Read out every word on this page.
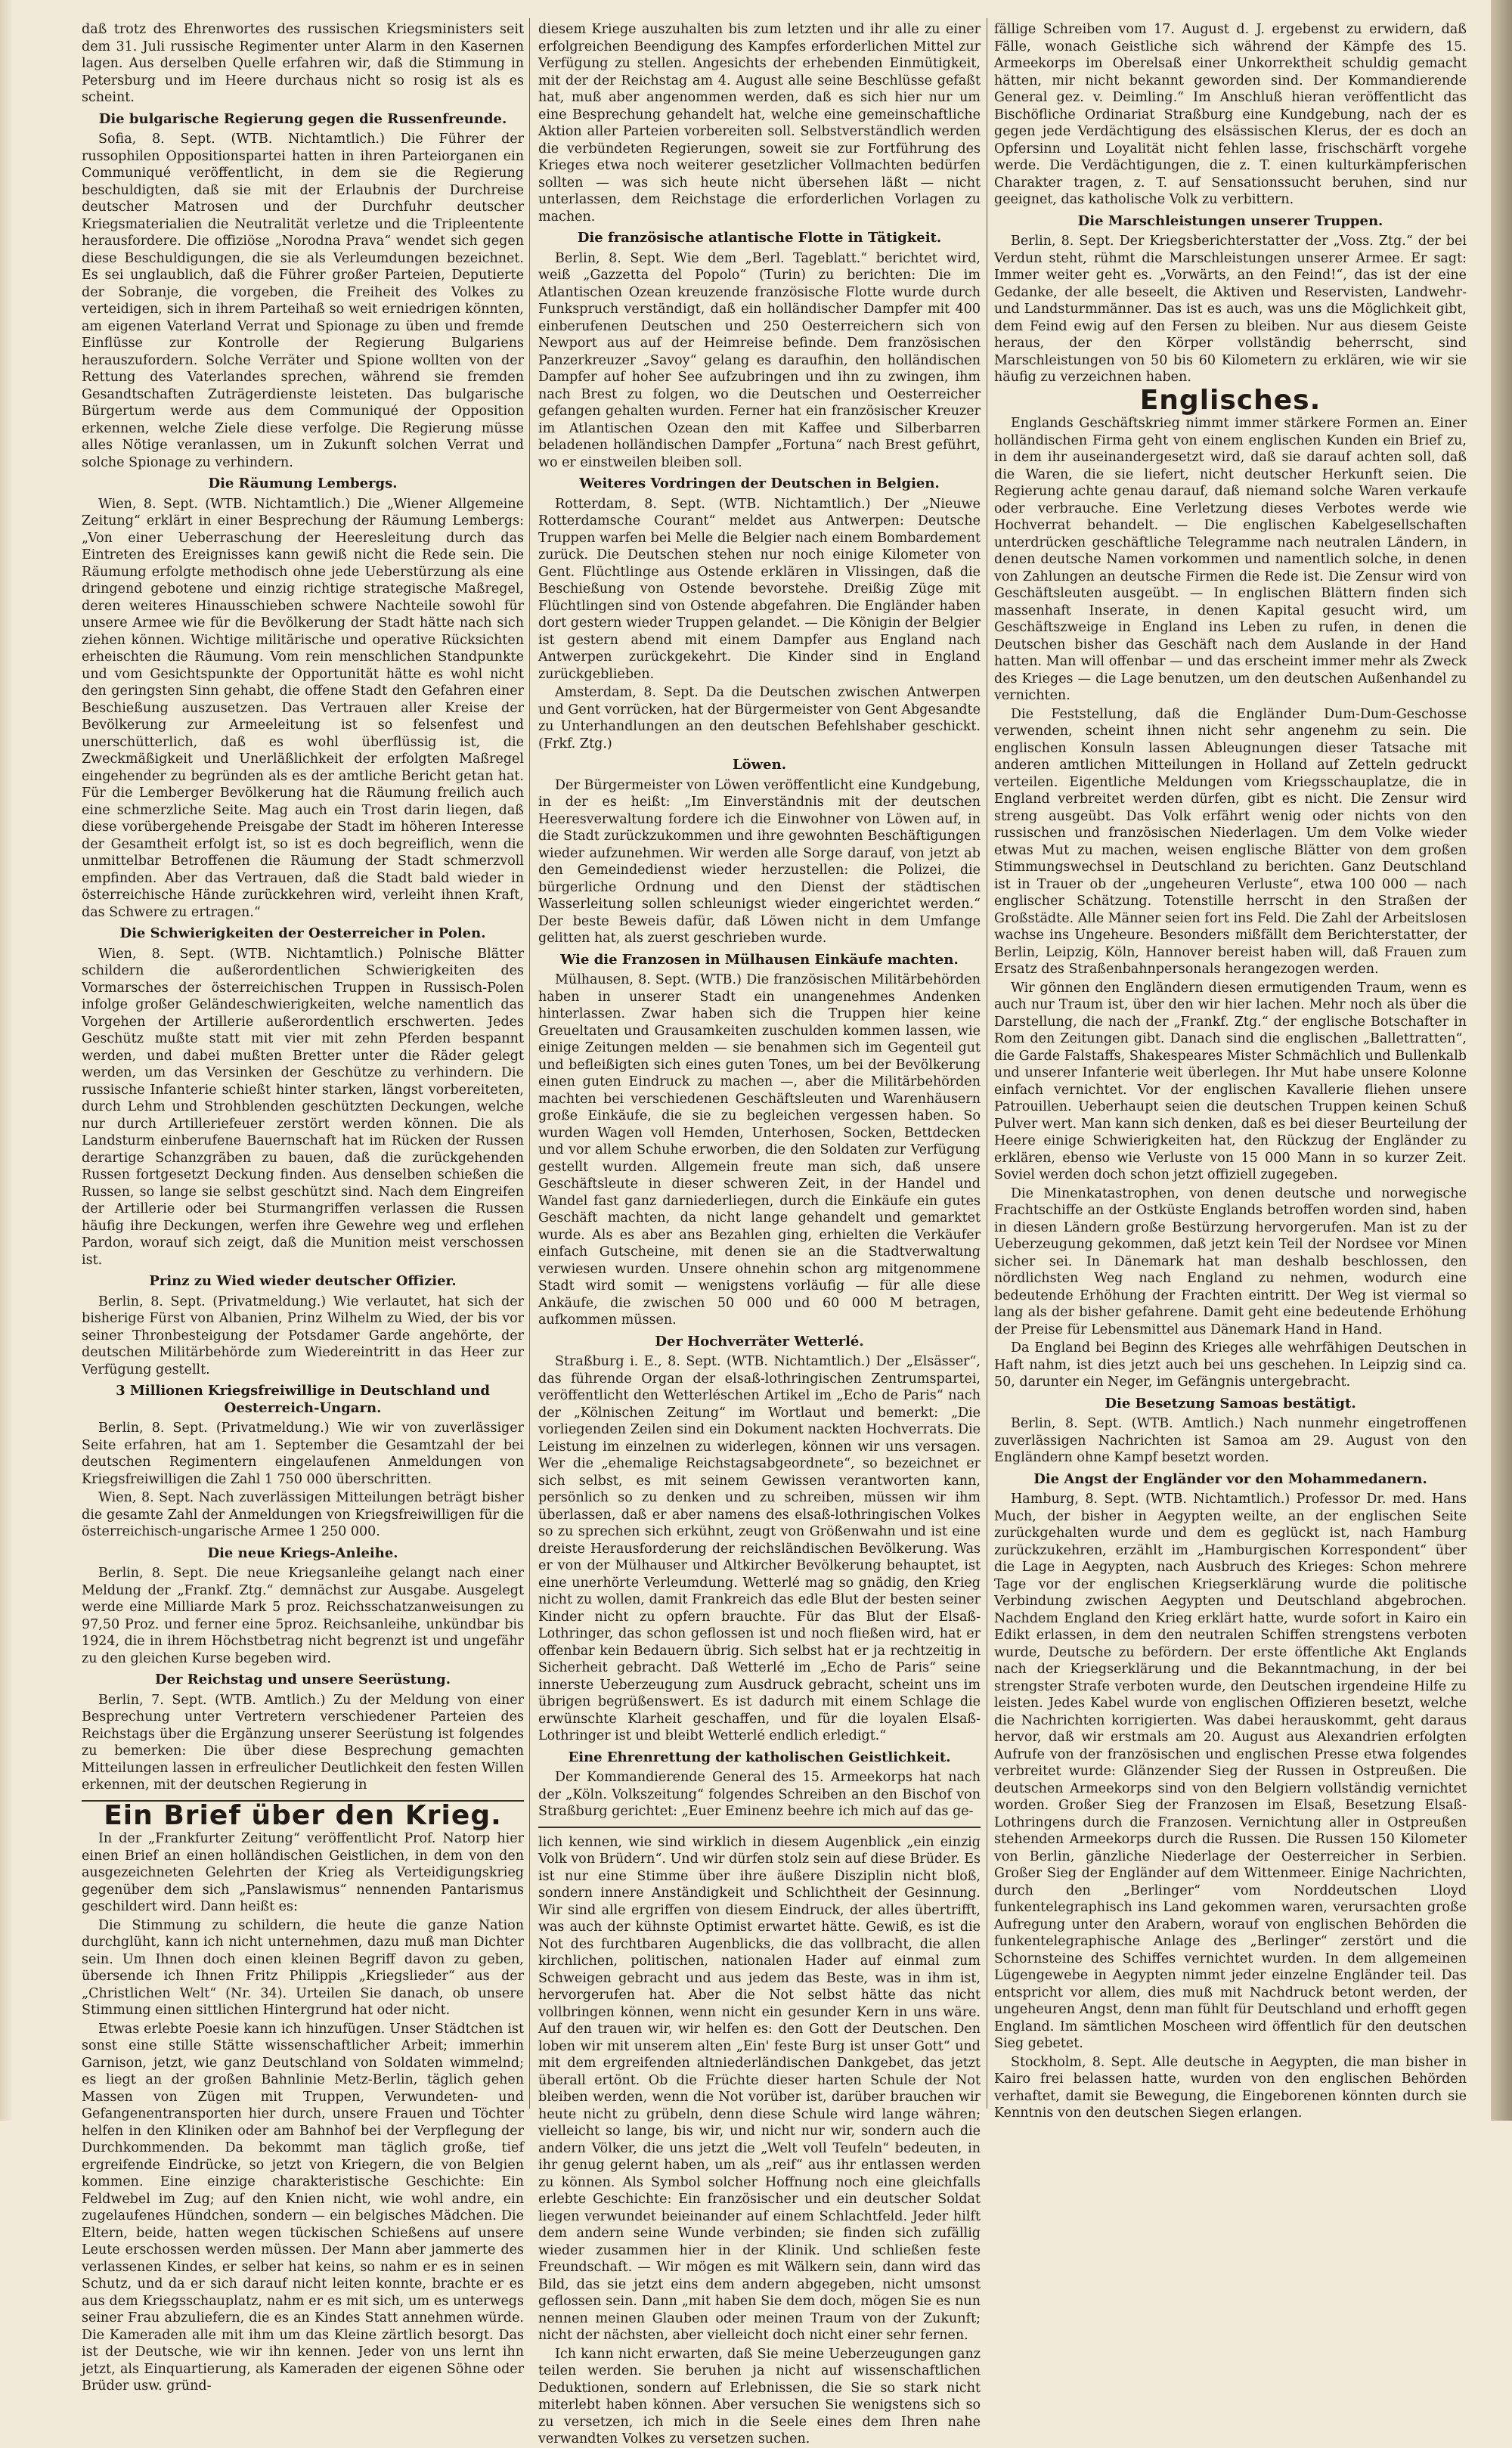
daß trotz des Ehrenwortes des russischen Kriegsministers seit dem 31. Juli russische Regimenter unter Alarm in den Kasernen lagen. Aus derselben Quelle erfahren wir, daß die Stimmung in Petersburg und im Heere durchaus nicht so rosig ist als es scheint.

Die bulgarische Regierung gegen die Russenfreunde.

Sofia, 8. Sept. (WTB. Nichtamtlich.) Die Führer der russophilen Oppositionspartei hatten in ihren Parteiorganen ein Communiqué veröffentlicht, in dem sie die Regierung beschuldigten, daß sie mit der Erlaubnis der Durchreise deutscher Matrosen und der Durchfuhr deutscher Kriegsmaterialien die Neutralität verletze und die Tripleentente herausfordere. Die offiziöse „Norodna Prava“ wendet sich gegen diese Beschuldigungen, die sie als Verleumdungen bezeichnet. Es sei unglaublich, daß die Führer großer Parteien, Deputierte der Sobranje, die vorgeben, die Freiheit des Volkes zu verteidigen, sich in ihrem Parteihaß so weit erniedrigen könnten, am eigenen Vaterland Verrat und Spionage zu üben und fremde Einflüsse zur Kontrolle der Regierung Bulgariens herauszufordern. Solche Verräter und Spione wollten von der Rettung des Vaterlandes sprechen, während sie fremden Gesandtschaften Zuträgerdienste leisteten. Das bulgarische Bürgertum werde aus dem Communiqué der Opposition erkennen, welche Ziele diese verfolge. Die Regierung müsse alles Nötige veranlassen, um in Zukunft solchen Verrat und solche Spionage zu verhindern.

Die Räumung Lembergs.

Wien, 8. Sept. (WTB. Nichtamtlich.) Die „Wiener Allgemeine Zeitung“ erklärt in einer Besprechung der Räumung Lembergs: „Von einer Ueberraschung der Heeresleitung durch das Eintreten des Ereignisses kann gewiß nicht die Rede sein. Die Räumung erfolgte methodisch ohne jede Ueberstürzung als eine dringend gebotene und einzig richtige strategische Maßregel, deren weiteres Hinausschieben schwere Nachteile sowohl für unsere Armee wie für die Bevölkerung der Stadt hätte nach sich ziehen können. Wichtige militärische und operative Rücksichten erheischten die Räumung. Vom rein menschlichen Standpunkte und vom Gesichtspunkte der Opportunität hätte es wohl nicht den geringsten Sinn gehabt, die offene Stadt den Gefahren einer Beschießung auszusetzen. Das Vertrauen aller Kreise der Bevölkerung zur Armeeleitung ist so felsenfest und unerschütterlich, daß es wohl überflüssig ist, die Zweckmäßigkeit und Unerläßlichkeit der erfolgten Maßregel eingehender zu begründen als es der amtliche Bericht getan hat. Für die Lemberger Bevölkerung hat die Räumung freilich auch eine schmerzliche Seite. Mag auch ein Trost darin liegen, daß diese vorübergehende Preisgabe der Stadt im höheren Interesse der Gesamtheit erfolgt ist, so ist es doch begreiflich, wenn die unmittelbar Betroffenen die Räumung der Stadt schmerzvoll empfinden. Aber das Vertrauen, daß die Stadt bald wieder in österreichische Hände zurückkehren wird, verleiht ihnen Kraft, das Schwere zu ertragen.“

Die Schwierigkeiten der Oesterreicher in Polen.

Wien, 8. Sept. (WTB. Nichtamtlich.) Polnische Blätter schildern die außerordentlichen Schwierigkeiten des Vormarsches der österreichischen Truppen in Russisch-Polen infolge großer Geländeschwierigkeiten, welche namentlich das Vorgehen der Artillerie außerordentlich erschwerten. Jedes Geschütz mußte statt mit vier mit zehn Pferden bespannt werden, und dabei mußten Bretter unter die Räder gelegt werden, um das Versinken der Geschütze zu verhindern. Die russische Infanterie schießt hinter starken, längst vorbereiteten, durch Lehm und Strohblenden geschützten Deckungen, welche nur durch Artilleriefeuer zerstört werden können. Die als Landsturm einberufene Bauernschaft hat im Rücken der Russen derartige Schanzgräben zu bauen, daß die zurückgehenden Russen fortgesetzt Deckung finden. Aus denselben schießen die Russen, so lange sie selbst geschützt sind. Nach dem Eingreifen der Artillerie oder bei Sturmangriffen verlassen die Russen häufig ihre Deckungen, werfen ihre Gewehre weg und erflehen Pardon, worauf sich zeigt, daß die Munition meist verschossen ist.

Prinz zu Wied wieder deutscher Offizier.

Berlin, 8. Sept. (Privatmeldung.) Wie verlautet, hat sich der bisherige Fürst von Albanien, Prinz Wilhelm zu Wied, der bis vor seiner Thronbesteigung der Potsdamer Garde angehörte, der deutschen Militärbehörde zum Wiedereintritt in das Heer zur Verfügung gestellt.

3 Millionen Kriegsfreiwillige in Deutschland und Oesterreich-Ungarn.

Berlin, 8. Sept. (Privatmeldung.) Wie wir von zuverlässiger Seite erfahren, hat am 1. September die Gesamtzahl der bei deutschen Regimentern eingelaufenen Anmeldungen von Kriegsfreiwilligen die Zahl 1 750 000 überschritten.

Wien, 8. Sept. Nach zuverlässigen Mitteilungen beträgt bisher die gesamte Zahl der Anmeldungen von Kriegsfreiwilligen für die österreichisch-ungarische Armee 1 250 000.

Die neue Kriegs-Anleihe.

Berlin, 8. Sept. Die neue Kriegsanleihe gelangt nach einer Meldung der „Frankf. Ztg.“ demnächst zur Ausgabe. Ausgelegt werde eine Milliarde Mark 5 proz. Reichsschatzanweisungen zu 97,50 Proz. und ferner eine 5proz. Reichsanleihe, unkündbar bis 1924, die in ihrem Höchstbetrag nicht begrenzt ist und ungefähr zu den gleichen Kurse begeben wird.

Der Reichstag und unsere Seerüstung.

Berlin, 7. Sept. (WTB. Amtlich.) Zu der Meldung von einer Besprechung unter Vertretern verschiedener Parteien des Reichstags über die Ergänzung unserer Seerüstung ist folgendes zu bemerken: Die über diese Besprechung gemachten Mitteilungen lassen in erfreulicher Deutlichkeit den festen Willen erkennen, mit der deutschen Regierung in

Ein Brief über den Krieg.

In der „Frankfurter Zeitung“ veröffentlicht Prof. Natorp hier einen Brief an einen holländischen Geistlichen, in dem von den ausgezeichneten Gelehrten der Krieg als Verteidigungskrieg gegenüber dem sich „Panslawismus“ nennenden Pantarismus geschildert wird. Dann heißt es:

Die Stimmung zu schildern, die heute die ganze Nation durchglüht, kann ich nicht unternehmen, dazu muß man Dichter sein. Um Ihnen doch einen kleinen Begriff davon zu geben, übersende ich Ihnen Fritz Philippis „Kriegslieder“ aus der „Christlichen Welt“ (Nr. 34). Urteilen Sie danach, ob unsere Stimmung einen sittlichen Hintergrund hat oder nicht.

Etwas erlebte Poesie kann ich hinzufügen. Unser Städtchen ist sonst eine stille Stätte wissenschaftlicher Arbeit; immerhin Garnison, jetzt, wie ganz Deutschland von Soldaten wimmelnd; es liegt an der großen Bahnlinie Metz-Berlin, täglich gehen Massen von Zügen mit Truppen, Verwundeten- und Gefangenentransporten hier durch, unsere Frauen und Töchter helfen in den Kliniken oder am Bahnhof bei der Verpflegung der Durchkommenden. Da bekommt man täglich große, tief ergreifende Eindrücke, so jetzt von Kriegern, die von Belgien kommen. Eine einzige charakteristische Geschichte: Ein Feldwebel im Zug; auf den Knien nicht, wie wohl andre, ein zugelaufenes Hündchen, sondern — ein belgisches Mädchen. Die Eltern, beide, hatten wegen tückischen Schießens auf unsere Leute erschossen werden müssen. Der Mann aber jammerte des verlassenen Kindes, er selber hat keins, so nahm er es in seinen Schutz, und da er sich darauf nicht leiten konnte, brachte er es aus dem Kriegsschauplatz, nahm er es mit sich, um es unterwegs seiner Frau abzuliefern, die es an Kindes Statt annehmen würde. Die Kameraden alle mit ihm um das Kleine zärtlich besorgt. Das ist der Deutsche, wie wir ihn kennen. Jeder von uns lernt ihn jetzt, als Einquartierung, als Kameraden der eigenen Söhne oder Brüder usw. gründ-

diesem Kriege auszuhalten bis zum letzten und ihr alle zu einer erfolgreichen Beendigung des Kampfes erforderlichen Mittel zur Verfügung zu stellen. Angesichts der erhebenden Einmütigkeit, mit der der Reichstag am 4. August alle seine Beschlüsse gefaßt hat, muß aber angenommen werden, daß es sich hier nur um eine Besprechung gehandelt hat, welche eine gemeinschaftliche Aktion aller Parteien vorbereiten soll. Selbstverständlich werden die verbündeten Regierungen, soweit sie zur Fortführung des Krieges etwa noch weiterer gesetzlicher Vollmachten bedürfen sollten — was sich heute nicht übersehen läßt — nicht unterlassen, dem Reichstage die erforderlichen Vorlagen zu machen.

Die französische atlantische Flotte in Tätigkeit.

Berlin, 8. Sept. Wie dem „Berl. Tageblatt.“ berichtet wird, weiß „Gazzetta del Popolo“ (Turin) zu berichten: Die im Atlantischen Ozean kreuzende französische Flotte wurde durch Funkspruch verständigt, daß ein holländischer Dampfer mit 400 einberufenen Deutschen und 250 Oesterreichern sich von Newport aus auf der Heimreise befinde. Dem französischen Panzerkreuzer „Savoy“ gelang es daraufhin, den holländischen Dampfer auf hoher See aufzubringen und ihn zu zwingen, ihm nach Brest zu folgen, wo die Deutschen und Oesterreicher gefangen gehalten wurden. Ferner hat ein französischer Kreuzer im Atlantischen Ozean den mit Kaffee und Silberbarren beladenen holländischen Dampfer „Fortuna“ nach Brest geführt, wo er einstweilen bleiben soll.

Weiteres Vordringen der Deutschen in Belgien.

Rotterdam, 8. Sept. (WTB. Nichtamtlich.) Der „Nieuwe Rotterdamsche Courant“ meldet aus Antwerpen: Deutsche Truppen warfen bei Melle die Belgier nach einem Bombardement zurück. Die Deutschen stehen nur noch einige Kilometer von Gent. Flüchtlinge aus Ostende erklären in Vlissingen, daß die Beschießung von Ostende bevorstehe. Dreißig Züge mit Flüchtlingen sind von Ostende abgefahren. Die Engländer haben dort gestern wieder Truppen gelandet. — Die Königin der Belgier ist gestern abend mit einem Dampfer aus England nach Antwerpen zurückgekehrt. Die Kinder sind in England zurückgeblieben.

Amsterdam, 8. Sept. Da die Deutschen zwischen Antwerpen und Gent vorrücken, hat der Bürgermeister von Gent Abgesandte zu Unterhandlungen an den deutschen Befehlshaber geschickt. (Frkf. Ztg.)

Löwen.

Der Bürgermeister von Löwen veröffentlicht eine Kundgebung, in der es heißt: „Im Einverständnis mit der deutschen Heeresverwaltung fordere ich die Einwohner von Löwen auf, in die Stadt zurückzukommen und ihre gewohnten Beschäftigungen wieder aufzunehmen. Wir werden alle Sorge darauf, von jetzt ab den Gemeindedienst wieder herzustellen: die Polizei, die bürgerliche Ordnung und den Dienst der städtischen Wasserleitung sollen schleunigst wieder eingerichtet werden.“ Der beste Beweis dafür, daß Löwen nicht in dem Umfange gelitten hat, als zuerst geschrieben wurde.

Wie die Franzosen in Mülhausen Einkäufe machten.

Mülhausen, 8. Sept. (WTB.) Die französischen Militärbehörden haben in unserer Stadt ein unangenehmes Andenken hinterlassen. Zwar haben sich die Truppen hier keine Greueltaten und Grausamkeiten zuschulden kommen lassen, wie einige Zeitungen melden — sie benahmen sich im Gegenteil gut und befleißigten sich eines guten Tones, um bei der Bevölkerung einen guten Eindruck zu machen —, aber die Militärbehörden machten bei verschiedenen Geschäftsleuten und Warenhäusern große Einkäufe, die sie zu begleichen vergessen haben. So wurden Wagen voll Hemden, Unterhosen, Socken, Bettdecken und vor allem Schuhe erworben, die den Soldaten zur Verfügung gestellt wurden. Allgemein freute man sich, daß unsere Geschäftsleute in dieser schweren Zeit, in der Handel und Wandel fast ganz darniederliegen, durch die Einkäufe ein gutes Geschäft machten, da nicht lange gehandelt und gemarktet wurde. Als es aber ans Bezahlen ging, erhielten die Verkäufer einfach Gutscheine, mit denen sie an die Stadtverwaltung verwiesen wurden. Unsere ohnehin schon arg mitgenommene Stadt wird somit — wenigstens vorläufig — für alle diese Ankäufe, die zwischen 50 000 und 60 000 M betragen, aufkommen müssen.

Der Hochverräter Wetterlé.

Straßburg i. E., 8. Sept. (WTB. Nichtamtlich.) Der „Elsässer“, das führende Organ der elsaß-lothringischen Zentrumspartei, veröffentlicht den Wetterléschen Artikel im „Echo de Paris“ nach der „Kölnischen Zeitung“ im Wortlaut und bemerkt: „Die vorliegenden Zeilen sind ein Dokument nackten Hochverrats. Die Leistung im einzelnen zu widerlegen, können wir uns versagen. Wer die „ehemalige Reichstagsabgeordnete“, so bezeichnet er sich selbst, es mit seinem Gewissen verantworten kann, persönlich so zu denken und zu schreiben, müssen wir ihm überlassen, daß er aber namens des elsaß-lothringischen Volkes so zu sprechen sich erkühnt, zeugt von Größenwahn und ist eine dreiste Herausforderung der reichsländischen Bevölkerung. Was er von der Mülhauser und Altkircher Bevölkerung behauptet, ist eine unerhörte Verleumdung. Wetterlé mag so gnädig, den Krieg nicht zu wollen, damit Frankreich das edle Blut der besten seiner Kinder nicht zu opfern brauchte. Für das Blut der Elsaß-Lothringer, das schon geflossen ist und noch fließen wird, hat er offenbar kein Bedauern übrig. Sich selbst hat er ja rechtzeitig in Sicherheit gebracht. Daß Wetterlé im „Echo de Paris“ seine innerste Ueberzeugung zum Ausdruck gebracht, scheint uns im übrigen begrüßenswert. Es ist dadurch mit einem Schlage die erwünschte Klarheit geschaffen, und für die loyalen Elsaß-Lothringer ist und bleibt Wetterlé endlich erledigt.“

Eine Ehrenrettung der katholischen Geistlichkeit.

Der Kommandierende General des 15. Armeekorps hat nach der „Köln. Volkszeitung“ folgendes Schreiben an den Bischof von Straßburg gerichtet: „Euer Eminenz beehre ich mich auf das ge-

lich kennen, wie sind wirklich in diesem Augenblick „ein einzig Volk von Brüdern“. Und wir dürfen stolz sein auf diese Brüder. Es ist nur eine Stimme über ihre äußere Disziplin nicht bloß, sondern innere Anständigkeit und Schlichtheit der Gesinnung. Wir sind alle ergriffen von diesem Eindruck, der alles übertrifft, was auch der kühnste Optimist erwartet hätte. Gewiß, es ist die Not des furchtbaren Augenblicks, die das vollbracht, die allen kirchlichen, politischen, nationalen Hader auf einmal zum Schweigen gebracht und aus jedem das Beste, was in ihm ist, hervorgerufen hat. Aber die Not selbst hätte das nicht vollbringen können, wenn nicht ein gesunder Kern in uns wäre. Auf den trauen wir, wir helfen es: den Gott der Deutschen. Den loben wir mit unserem alten „Ein' feste Burg ist unser Gott“ und mit dem ergreifenden altniederländischen Dankgebet, das jetzt überall ertönt. Ob die Früchte dieser harten Schule der Not bleiben werden, wenn die Not vorüber ist, darüber brauchen wir heute nicht zu grübeln, denn diese Schule wird lange währen; vielleicht so lange, bis wir, und nicht nur wir, sondern auch die andern Völker, die uns jetzt die „Welt voll Teufeln“ bedeuten, in ihr genug gelernt haben, um als „reif“ aus ihr entlassen werden zu können. Als Symbol solcher Hoffnung noch eine gleichfalls erlebte Geschichte: Ein französischer und ein deutscher Soldat liegen verwundet beieinander auf einem Schlachtfeld. Jeder hilft dem andern seine Wunde verbinden; sie finden sich zufällig wieder zusammen hier in der Klinik. Und schließen feste Freundschaft. — Wir mögen es mit Wälkern sein, dann wird das Bild, das sie jetzt eins dem andern abgegeben, nicht umsonst geflossen sein. Dann „mit haben Sie dem doch, mögen Sie es nun nennen meinen Glauben oder meinen Traum von der Zukunft; nicht der nächsten, aber vielleicht doch nicht einer sehr fernen.

Ich kann nicht erwarten, daß Sie meine Ueberzeugungen ganz teilen werden. Sie beruhen ja nicht auf wissenschaftlichen Deduktionen, sondern auf Erlebnissen, die Sie so stark nicht miterlebt haben können. Aber versuchen Sie wenigstens sich so zu versetzen, ich mich in die Seele eines dem Ihren nahe verwandten Volkes zu versetzen suchen.

fällige Schreiben vom 17. August d. J. ergebenst zu erwidern, daß Fälle, wonach Geistliche sich während der Kämpfe des 15. Armeekorps im Oberelsaß einer Unkorrektheit schuldig gemacht hätten, mir nicht bekannt geworden sind. Der Kommandierende General gez. v. Deimling.“ Im Anschluß hieran veröffentlicht das Bischöfliche Ordinariat Straßburg eine Kundgebung, nach der es gegen jede Verdächtigung des elsässischen Klerus, der es doch an Opfersinn und Loyalität nicht fehlen lasse, frischschärft vorgehe werde. Die Verdächtigungen, die z. T. einen kulturkämpferischen Charakter tragen, z. T. auf Sensationssucht beruhen, sind nur geeignet, das katholische Volk zu verbittern.

Die Marschleistungen unserer Truppen.

Berlin, 8. Sept. Der Kriegsberichterstatter der „Voss. Ztg.“ der bei Verdun steht, rühmt die Marschleistungen unserer Armee. Er sagt: Immer weiter geht es. „Vorwärts, an den Feind!“, das ist der eine Gedanke, der alle beseelt, die Aktiven und Reservisten, Landwehr- und Landsturmmänner. Das ist es auch, was uns die Möglichkeit gibt, dem Feind ewig auf den Fersen zu bleiben. Nur aus diesem Geiste heraus, der den Körper vollständig beherrscht, sind Marschleistungen von 50 bis 60 Kilometern zu erklären, wie wir sie häufig zu verzeichnen haben.

Englisches.

Englands Geschäftskrieg nimmt immer stärkere Formen an. Einer holländischen Firma geht von einem englischen Kunden ein Brief zu, in dem ihr auseinandergesetzt wird, daß sie darauf achten soll, daß die Waren, die sie liefert, nicht deutscher Herkunft seien. Die Regierung achte genau darauf, daß niemand solche Waren verkaufe oder verbrauche. Eine Verletzung dieses Verbotes werde wie Hochverrat behandelt. — Die englischen Kabelgesellschaften unterdrücken geschäftliche Telegramme nach neutralen Ländern, in denen deutsche Namen vorkommen und namentlich solche, in denen von Zahlungen an deutsche Firmen die Rede ist. Die Zensur wird von Geschäftsleuten ausgeübt. — In englischen Blättern finden sich massenhaft Inserate, in denen Kapital gesucht wird, um Geschäftszweige in England ins Leben zu rufen, in denen die Deutschen bisher das Geschäft nach dem Auslande in der Hand hatten. Man will offenbar — und das erscheint immer mehr als Zweck des Krieges — die Lage benutzen, um den deutschen Außenhandel zu vernichten.

Die Feststellung, daß die Engländer Dum-Dum-Geschosse verwenden, scheint ihnen nicht sehr angenehm zu sein. Die englischen Konsuln lassen Ableugnungen dieser Tatsache mit anderen amtlichen Mitteilungen in Holland auf Zetteln gedruckt verteilen. Eigentliche Meldungen vom Kriegsschauplatze, die in England verbreitet werden dürfen, gibt es nicht. Die Zensur wird streng ausgeübt. Das Volk erfährt wenig oder nichts von den russischen und französischen Niederlagen. Um dem Volke wieder etwas Mut zu machen, weisen englische Blätter von dem großen Stimmungswechsel in Deutschland zu berichten. Ganz Deutschland ist in Trauer ob der „ungeheuren Verluste“, etwa 100 000 — nach englischer Schätzung. Totenstille herrscht in den Straßen der Großstädte. Alle Männer seien fort ins Feld. Die Zahl der Arbeitslosen wachse ins Ungeheure. Besonders mißfällt dem Berichterstatter, der Berlin, Leipzig, Köln, Hannover bereist haben will, daß Frauen zum Ersatz des Straßenbahnpersonals herangezogen werden.

Wir gönnen den Engländern diesen ermutigenden Traum, wenn es auch nur Traum ist, über den wir hier lachen. Mehr noch als über die Darstellung, die nach der „Frankf. Ztg.“ der englische Botschafter in Rom den Zeitungen gibt. Danach sind die englischen „Ballettratten“, die Garde Falstaffs, Shakespeares Mister Schmächlich und Bullenkalb und unserer Infanterie weit überlegen. Ihr Mut habe unsere Kolonne einfach vernichtet. Vor der englischen Kavallerie fliehen unsere Patrouillen. Ueberhaupt seien die deutschen Truppen keinen Schuß Pulver wert. Man kann sich denken, daß es bei dieser Beurteilung der Heere einige Schwierigkeiten hat, den Rückzug der Engländer zu erklären, ebenso wie Verluste von 15 000 Mann in so kurzer Zeit. Soviel werden doch schon jetzt offiziell zugegeben.

Die Minenkatastrophen, von denen deutsche und norwegische Frachtschiffe an der Ostküste Englands betroffen worden sind, haben in diesen Ländern große Bestürzung hervorgerufen. Man ist zu der Ueberzeugung gekommen, daß jetzt kein Teil der Nordsee vor Minen sicher sei. In Dänemark hat man deshalb beschlossen, den nördlichsten Weg nach England zu nehmen, wodurch eine bedeutende Erhöhung der Frachten eintritt. Der Weg ist viermal so lang als der bisher gefahrene. Damit geht eine bedeutende Erhöhung der Preise für Lebensmittel aus Dänemark Hand in Hand.

Da England bei Beginn des Krieges alle wehrfähigen Deutschen in Haft nahm, ist dies jetzt auch bei uns geschehen. In Leipzig sind ca. 50, darunter ein Neger, im Gefängnis untergebracht.

Die Besetzung Samoas bestätigt.

Berlin, 8. Sept. (WTB. Amtlich.) Nach nunmehr eingetroffenen zuverlässigen Nachrichten ist Samoa am 29. August von den Engländern ohne Kampf besetzt worden.

Die Angst der Engländer vor den Mohammedanern.

Hamburg, 8. Sept. (WTB. Nichtamtlich.) Professor Dr. med. Hans Much, der bisher in Aegypten weilte, an der englischen Seite zurückgehalten wurde und dem es geglückt ist, nach Hamburg zurückzukehren, erzählt im „Hamburgischen Korrespondent“ über die Lage in Aegypten, nach Ausbruch des Krieges: Schon mehrere Tage vor der englischen Kriegserklärung wurde die politische Verbindung zwischen Aegypten und Deutschland abgebrochen. Nachdem England den Krieg erklärt hatte, wurde sofort in Kairo ein Edikt erlassen, in dem den neutralen Schiffen strengstens verboten wurde, Deutsche zu befördern. Der erste öffentliche Akt Englands nach der Kriegserklärung und die Bekanntmachung, in der bei strengster Strafe verboten wurde, den Deutschen irgendeine Hilfe zu leisten. Jedes Kabel wurde von englischen Offizieren besetzt, welche die Nachrichten korrigierten. Was dabei herauskommt, geht daraus hervor, daß wir erstmals am 20. August aus Alexandrien erfolgten Aufrufe von der französischen und englischen Presse etwa folgendes verbreitet wurde: Glänzender Sieg der Russen in Ostpreußen. Die deutschen Armeekorps sind von den Belgiern vollständig vernichtet worden. Großer Sieg der Franzosen im Elsaß, Besetzung Elsaß-Lothringens durch die Franzosen. Vernichtung aller in Ostpreußen stehenden Armeekorps durch die Russen. Die Russen 150 Kilometer von Berlin, gänzliche Niederlage der Oesterreicher in Serbien. Großer Sieg der Engländer auf dem Wittenmeer. Einige Nachrichten, durch den „Berlinger“ vom Norddeutschen Lloyd funkentelegraphisch ins Land gekommen waren, verursachten große Aufregung unter den Arabern, worauf von englischen Behörden die funkentelegraphische Anlage des „Berlinger“ zerstört und die Schornsteine des Schiffes vernichtet wurden. In dem allgemeinen Lügengewebe in Aegypten nimmt jeder einzelne Engländer teil. Das entspricht vor allem, dies muß mit Nachdruck betont werden, der ungeheuren Angst, denn man fühlt für Deutschland und erhofft gegen England. Im sämtlichen Moscheen wird öffentlich für den deutschen Sieg gebetet.

Stockholm, 8. Sept. Alle deutsche in Aegypten, die man bisher in Kairo frei belassen hatte, wurden von den englischen Behörden verhaftet, damit sie Bewegung, die Eingeborenen könnten durch sie Kenntnis von den deutschen Siegen erlangen.
